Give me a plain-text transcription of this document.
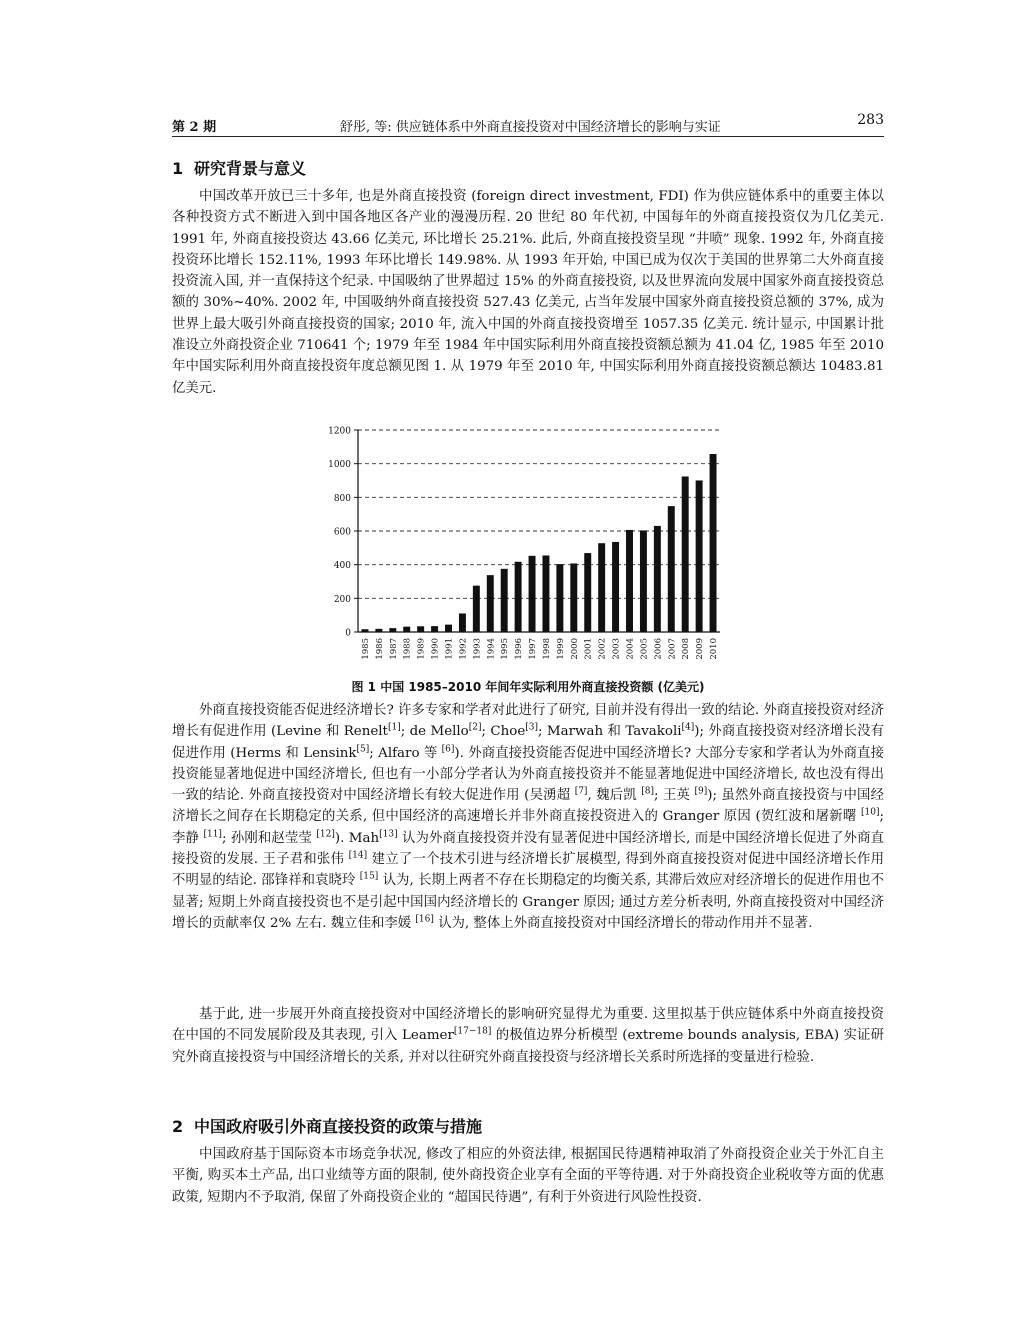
第 2 期	舒彤, 等: 供应链体系中外商直接投资对中国经济增长的影响与实证	283
1 研究背景与意义

中国改革开放已三十多年, 也是外商直接投资 (foreign direct investment, FDI) 作为供应链体系中的重要主体以各种投资方式不断进入到中国各地区各产业的漫漫历程. 20 世纪 80 年代初, 中国每年的外商直接投资仅为几亿美元. 1991 年, 外商直接投资达 43.66 亿美元, 环比增长 25.21%. 此后, 外商直接投资呈现 “井喷” 现象. 1992 年, 外商直接投资环比增长 152.11%, 1993 年环比增长 149.98%. 从 1993 年开始, 中国已成为仅次于美国的世界第二大外商直接投资流入国, 并一直保持这个纪录. 中国吸纳了世界超过 15% 的外商直接投资, 以及世界流向发展中国家外商直接投资总额的 30%~40%. 2002 年, 中国吸纳外商直接投资 527.43 亿美元, 占当年发展中国家外商直接投资总额的 37%, 成为世界上最大吸引外商直接投资的国家; 2010 年, 流入中国的外商直接投资增至 1057.35 亿美元. 统计显示, 中国累计批准设立外商投资企业 710641 个; 1979 年至 1984 年中国实际利用外商直接投资额总额为 41.04 亿, 1985 年至 2010 年中国实际利用外商直接投资年度总额见图 1. 从 1979 年至 2010 年, 中国实际利用外商直接投资额总额达 10483.81 亿美元.

0
200
400
600
800
1000
1200
1985 1986 1987 1988 1989 1990 1991 1992 1993 1994 1995 1996 1997 1998 1999 2000 2001 2002 2003 2004 2005 2006 2007 2008 2009 2010

图 1 中国 1985–2010 年间年实际利用外商直接投资额 (亿美元)

外商直接投资能否促进经济增长? 许多专家和学者对此进行了研究, 目前并没有得出一致的结论. 外商直接投资对经济增长有促进作用 (Levine 和 Renelt[1]; de Mello[2]; Choe[3]; Marwah 和 Tavakoli[4]); 外商直接投资对经济增长没有促进作用 (Herms 和 Lensink[5]; Alfaro 等 [6]). 外商直接投资能否促进中国经济增长? 大部分专家和学者认为外商直接投资能显著地促进中国经济增长, 但也有一小部分学者认为外商直接投资并不能显著地促进中国经济增长, 故也没有得出一致的结论. 外商直接投资对中国经济增长有较大促进作用 (吴湧超 [7], 魏后凯 [8]; 王英 [9]); 虽然外商直接投资与中国经济增长之间存在长期稳定的关系, 但中国经济的高速增长并非外商直接投资进入的 Granger 原因 (贺红波和屠新曙 [10]; 李静 [11]; 孙刚和赵莹莹 [12]). Mah[13] 认为外商直接投资并没有显著促进中国经济增长, 而是中国经济增长促进了外商直接投资的发展. 王子君和张伟 [14] 建立了一个技术引进与经济增长扩展模型, 得到外商直接投资对促进中国经济增长作用不明显的结论. 邵锋祥和袁晓玲 [15] 认为, 长期上两者不存在长期稳定的均衡关系, 其滞后效应对经济增长的促进作用也不显著; 短期上外商直接投资也不是引起中国国内经济增长的 Granger 原因; 通过方差分析表明, 外商直接投资对中国经济增长的贡献率仅 2% 左右. 魏立佳和李媛 [16] 认为, 整体上外商直接投资对中国经济增长的带动作用并不显著.

基于此, 进一步展开外商直接投资对中国经济增长的影响研究显得尤为重要. 这里拟基于供应链体系中外商直接投资在中国的不同发展阶段及其表现, 引入 Leamer[17−18] 的极值边界分析模型 (extreme bounds analysis, EBA) 实证研究外商直接投资与中国经济增长的关系, 并对以往研究外商直接投资与经济增长关系时所选择的变量进行检验.

2 中国政府吸引外商直接投资的政策与措施

中国政府基于国际资本市场竞争状况, 修改了相应的外资法律, 根据国民待遇精神取消了外商投资企业关于外汇自主平衡, 购买本土产品, 出口业绩等方面的限制, 使外商投资企业享有全面的平等待遇. 对于外商投资企业税收等方面的优惠政策, 短期内不予取消, 保留了外商投资企业的 “超国民待遇”, 有利于外资进行风险性投资.
